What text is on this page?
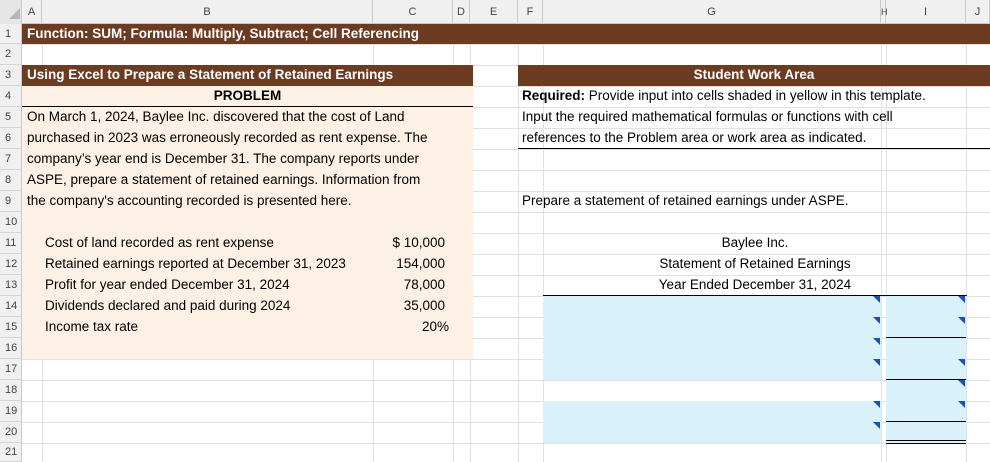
A	B	C	D	E	F	G	H	I	J
1
2
3
4
5
6
7
8
9
10
11
12
13
14
15
16
17
18
19
20
21
Function: SUM; Formula: Multiply, Subtract; Cell Referencing
Using Excel to Prepare a Statement of Retained Earnings
PROBLEM
On March 1, 2024, Baylee Inc. discovered that the cost of Land
purchased in 2023 was erroneously recorded as rent expense. The
company’s year end is December 31. The company reports under
ASPE, prepare a statement of retained earnings. Information from
the company's accounting recorded is presented here.
Cost of land recorded as rent expense	$ 10,000
Retained earnings reported at December 31, 2023	154,000
Profit for year ended December 31, 2024	78,000
Dividends declared and paid during 2024	35,000
Income tax rate	20%
Student Work Area
Required: Provide input into cells shaded in yellow in this template.
Input the required mathematical formulas or functions with cell
references to the Problem area or work area as indicated.
Prepare a statement of retained earnings under ASPE.
Baylee Inc.
Statement of Retained Earnings
Year Ended December 31, 2024
